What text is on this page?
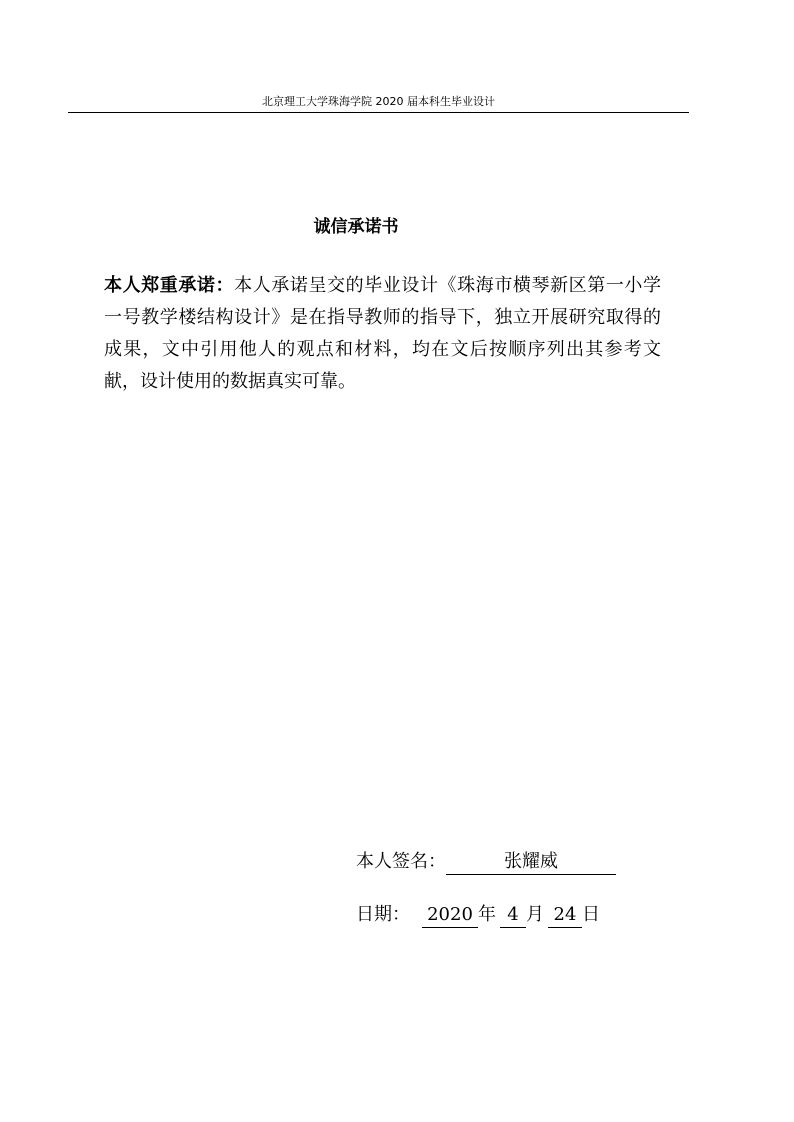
北京理工大学珠海学院 2020 届本科生毕业设计
诚信承诺书
本人郑重承诺：本人承诺呈交的毕业设计《珠海市横琴新区第一小学一号教学楼结构设计》是在指导教师的指导下，独立开展研究取得的成果，文中引用他人的观点和材料，均在文后按顺序列出其参考文献，设计使用的数据真实可靠。
本人签名：	张耀威
日期： 2020 年 4 月 24 日
